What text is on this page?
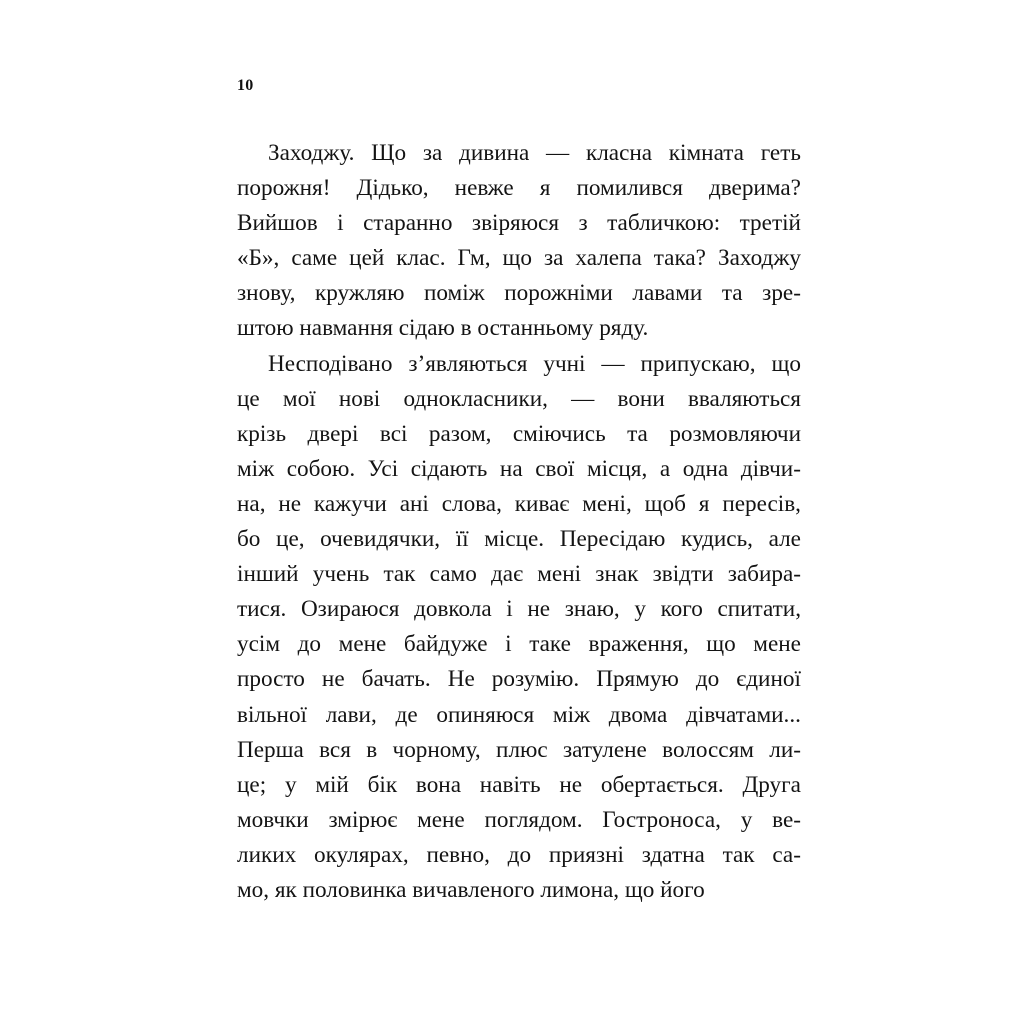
10
Заходжу. Що за дивина — класна кімната геть
порожня! Дідько, невже я помилився дверима?
Вийшов і старанно звіряюся з табличкою: третій
«Б», саме цей клас. Гм, що за халепа така? Заходжу
знову, кружляю поміж порожніми лавами та зре-
штою навмання сідаю в останньому ряду.
Несподівано з’являються учні — припускаю, що
це мої нові однокласники, — вони вваляються
крізь двері всі разом, сміючись та розмовляючи
між собою. Усі сідають на свої місця, а одна дівчи-
на, не кажучи ані слова, киває мені, щоб я пересів,
бо це, очевидячки, її місце. Пересідаю кудись, але
інший учень так само дає мені знак звідти забира-
тися. Озираюся довкола і не знаю, у кого спитати,
усім до мене байдуже і таке враження, що мене
просто не бачать. Не розумію. Прямую до єдиної
вільної лави, де опиняюся між двома дівчатами...
Перша вся в чорному, плюс затулене волоссям ли-
це; у мій бік вона навіть не обертається. Друга
мовчки змірює мене поглядом. Гостроноса, у ве-
ликих окулярах, певно, до приязні здатна так са-
мо, як половинка вичавленого лимона, що його
